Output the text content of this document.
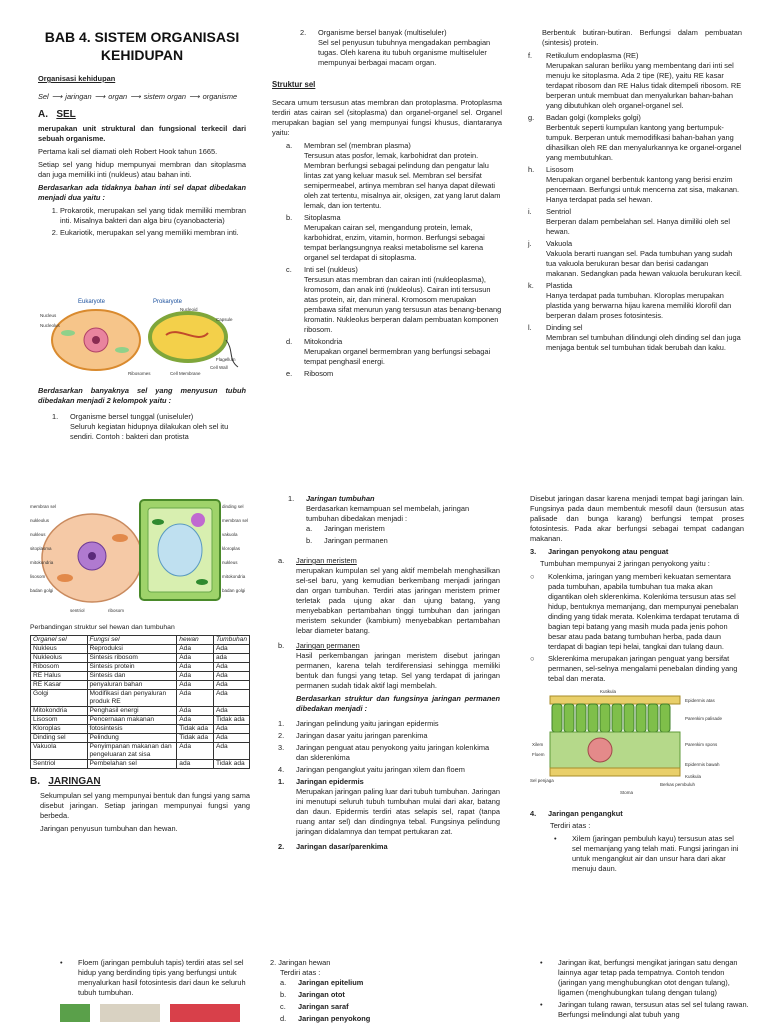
BAB 4. SISTEM ORGANISASI
KEHIDUPAN
Organisasi kehidupan
Sel ⟶ jaringan ⟶ organ ⟶ sistem organ ⟶ organisme
A. SEL

merupakan unit struktural dan fungsional terkecil dari sebuah organisme.

Pertama kali sel diamati oleh Robert Hook tahun 1665.

Setiap sel yang hidup mempunyai membran dan sitoplasma dan juga memiliki inti (nukleus) atau bahan inti.

Berdasarkan ada tidaknya bahan inti sel dapat dibedakan menjadi dua yaitu :

1. Prokarotik, merupakan sel yang tidak memiliki membran inti. Misalnya bakteri dan alga biru (cyanobacteria)
2. Eukariotik, merupakan sel yang memiliki membran inti.
Eukaryote	Prokaryote
Nucleus
Nucleolus
Nucleoid
Capsule
Flagellum
Cell Wall
Ribosomes	Cell Membrane

Berdasarkan banyaknya sel yang menyusun tubuh dibedakan menjadi 2 kelompok yaitu :

1.	Organisme bersel tunggal (uniseluler)
Seluruh kegiatan hidupnya dilakukan oleh sel itu sendiri. Contoh : bakteri dan protista
2.	Organisme bersel banyak (multiseluler)
Sel sel penyusun tubuhnya mengadakan pembagian tugas. Oleh karena itu tubuh organisme multiseluler mempunyai berbagai macam organ.
Struktur sel

Secara umum tersusun atas membran dan protoplasma. Protoplasma terdiri atas cairan sel (sitoplasma) dan organel-organel sel. Organel merupakan bagian sel yang mempunyai fungsi khusus, diantaranya yaitu:

a.	Membran sel (membran plasma)
Tersusun atas posfor, lemak, karbohidrat dan protein. Membran berfungsi sebagai pelindung dan pengatur lalu lintas zat yang keluar masuk sel. Membran sel bersifat semipermeabel, artinya membran sel hanya dapat dilewati oleh zat tertentu, misalnya air, oksigen, zat yang larut dalam lemak, dan ion tertentu.
b.	Sitoplasma
Merupakan cairan sel, mengandung protein, lemak, karbohidrat, enzim, vitamin, hormon. Berfungsi sebagai tempat berlangsungnya reaksi metabolisme sel karena organel sel terdapat di sitoplasma.
c.	Inti sel (nukleus)
Tersusun atas membran dan cairan inti (nukleoplasma), kromosom, dan anak inti (nukleolus). Cairan inti tersusun atas protein, air, dan mineral. Kromosom merupakan pembawa sifat menurun yang tersusun atas benang-benang kromatin. Nukleolus berperan dalam pembuatan komponen ribosom.
d.	Mitokondria
Merupakan organel bermembran yang berfungsi sebagai tempat penghasil energi.
e.	Ribosom

Berbentuk butiran-butiran. Berfungsi dalam pembuatan (sintesis) protein.

f.	Retikulum endoplasma (RE)
Merupakan saluran berliku yang membentang dari inti sel menuju ke sitoplasma. Ada 2 tipe (RE), yaitu RE kasar terdapat ribosom dan RE Halus tidak ditempeli ribosom. RE berperan untuk membuat dan menyalurkan bahan-bahan yang dibutuhkan oleh organel-organel sel.
g.	Badan golgi (kompleks golgi)
Berbentuk seperti kumpulan kantong yang bertumpuk-tumpuk. Berperan untuk memodifikasi bahan-bahan yang dihasilkan oleh RE dan menyalurkannya ke organel-organel yang membutuhkan.
h.	Lisosom
Merupakan organel berbentuk kantong yang berisi enzim pencernaan. Berfungsi untuk mencerna zat sisa, makanan. Hanya terdapat pada sel hewan.
i.	Sentriol
Berperan dalam pembelahan sel. Hanya dimiliki oleh sel hewan.
j.	Vakuola
Vakuola berarti ruangan sel. Pada tumbuhan yang sudah tua vakuola berukuran besar dan berisi cadangan makanan. Sedangkan pada hewan vakuola berukuran kecil.
k.	Plastida
Hanya terdapat pada tumbuhan. Kloroplas merupakan plastida yang berwarna hijau karena memiliki klorofil dan berperan dalam proses fotosintesis.
l.	Dinding sel
Membran sel tumbuhan dilindungi oleh dinding sel dan juga menjaga bentuk sel tumbuhan tidak berubah dan kaku.
membran sel
nukleolus
nukleus
sitoplasma
mitokondria
lisosom
badan golgi
sentriol	ribosom
dinding sel
membran sel
vakuola
kloroplas
nukleus
mitokondria
badan golgi
Perbandingan struktur sel hewan dan tumbuhan
Organel sel	Fungsi sel	hewan	Tumbuhan
Nukleus	Reproduksi	Ada	Ada
Nukleolus	Sintesis ribosom	Ada	ada
Ribosom	Sintesis protein	Ada	Ada
RE Halus	Sintesis dan	Ada	Ada
RE Kasar	penyaluran bahan	Ada	Ada
Golgi	Modifikasi dan penyaluran produk RE	Ada	Ada
Mitokondria	Penghasil energi	Ada	Ada
Lisosom	Pencernaan makanan	Ada	Tidak ada
Kloroplas	fotosintesis	Tidak ada	Ada
Dinding sel	Pelindung	Tidak ada	Ada
Vakuola	Penyimpanan makanan dan pengeluaran zat sisa	Ada	Ada
Sentriol	Pembelahan sel	ada	Tidak ada
B. JARINGAN

Sekumpulan sel yang mempunyai bentuk dan fungsi yang sama disebut jaringan. Setiap jaringan mempunyai fungsi yang berbeda.

Jaringan penyusun tumbuhan dan hewan.

1.	Jaringan tumbuhan
Berdasarkan kemampuan sel membelah, jaringan tumbuhan dibedakan menjadi :
a.	Jaringan meristem
b.	Jaringan permanen
a.	Jaringan meristem

merupakan kumpulan sel yang aktif membelah menghasilkan sel-sel baru, yang kemudian berkembang menjadi jaringan dan organ tumbuhan. Terdiri atas jaringan meristem primer terletak pada ujung akar dan ujung batang, yang menyebabkan pertambahan tinggi tumbuhan dan jaringan meristem sekunder (kambium) menyebabkan pertambahan lebar diameter batang.

b.	Jaringan permanen

Hasil perkembangan jaringan meristem disebut jaringan permanen, karena telah terdiferensiasi sehingga memiliki bentuk dan fungsi yang tetap. Sel yang terdapat di jaringan permanen sudah tidak aktif lagi membelah.

Berdasarkan struktur dan fungsinya jaringan permanen dibedakan menjadi :

1.	Jaringan pelindung yaitu jaringan epidermis
2.	Jaringan dasar yaitu jaringan parenkima
3.	Jaringan penguat atau penyokong yaitu jaringan kolenkima dan sklerenkima
4.	Jaringan pengangkut yaitu jaringan xilem dan floem
1.	Jaringan epidermis

Merupakan jaringan paling luar dari tubuh tumbuhan. Jaringan ini menutupi seluruh tubuh tumbuhan mulai dari akar, batang dan daun. Epidermis terdiri atas selapis sel, rapat (tanpa ruang antar sel) dan dindingnya tebal. Fungsinya pelindung jaringan didalamnya dan tempat pertukaran zat.

2.	Jaringan dasar/parenkima

Disebut jaringan dasar karena menjadi tempat bagi jaringan lain. Fungsinya pada daun membentuk mesofil daun (tersusun atas palisade dan bunga karang) berfungsi tempat proses fotosintesis. Pada akar berfungsi sebagai tempat cadangan makanan.

3.	Jaringan penyokong atau penguat

Tumbuhan mempunyai 2 jaringan penyokong yaitu :

○	Kolenkima, jaringan yang memberi kekuatan sementara pada tumbuhan, apabila tumbuhan tua maka akan digantikan oleh sklerenkima. Kolenkima tersusun atas sel hidup, bentuknya memanjang, dan mempunyai penebalan dinding yang tidak merata. Kolenkima terdapat terutama di bagian tepi batang yang masih muda pada jenis pohon besar atau pada batang tumbuhan herba, pada daun terdapat di bagian tepi helai, tangkai dan tulang daun.
○	Sklerenkima merupakan jaringan penguat yang bersifat permanen, sel-selnya mengalami penebalan dinding yang tebal dan merata.
Kutikula
Epidermis atas
Parenkim palisade
Parenkim spons
Epidermis bawah
Kutikula
Berkas pembuluh
Stoma
Xilem
Floem
Sel penjaga
4.	Jaringan pengangkut

Terdiri atas :

•	Xilem (jaringan pembuluh kayu) tersusun atas sel sel memanjang yang telah mati. Fungsi jaringan ini untuk mengangkut air dan unsur hara dari akar menuju daun.
•	Floem (jaringan pembuluh tapis) terdiri atas sel sel hidup yang berdinding tipis yang berfungsi untuk menyalurkan hasil fotosintesis dari daun ke seluruh tubuh tumbuhan.
2. Jaringan hewan
Terdiri atas :
a.	Jaringan epitelium
b.	Jaringan otot
c.	Jaringan saraf
d.	Jaringan penyokong
•	Jaringan ikat, berfungsi mengikat jaringan satu dengan lainnya agar tetap pada tempatnya. Contoh tendon (jaringan yang menghubungkan otot dengan tulang), ligamen (menghubungkan tulang dengan tulang)
•	Jaringan tulang rawan, tersusun atas sel sel tulang rawan. Berfungsi melindungi alat tubuh yang
